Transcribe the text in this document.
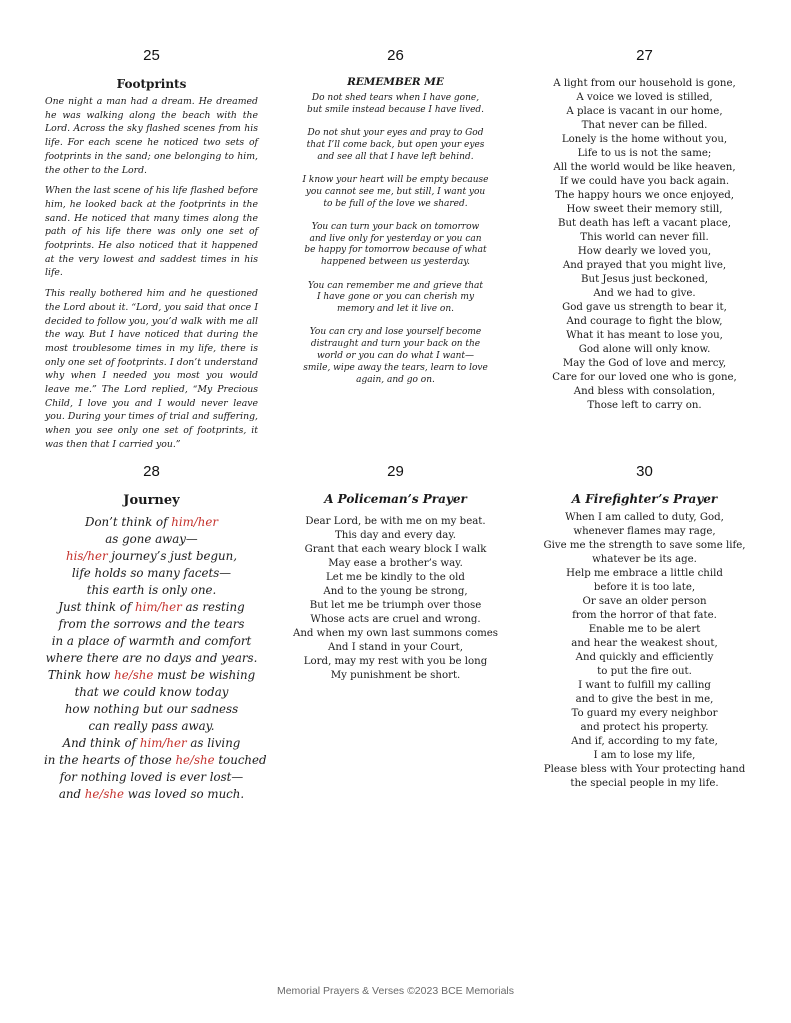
25
Footprints

One night a man had a dream. He dreamed he was walking along the beach with the Lord. Across the sky flashed scenes from his life. For each scene he noticed two sets of footprints in the sand; one belonging to him, the other to the Lord.

When the last scene of his life flashed before him, he looked back at the footprints in the sand. He noticed that many times along the path of his life there was only one set of footprints. He also noticed that it happened at the very lowest and saddest times in his life.

This really bothered him and he questioned the Lord about it. “Lord, you said that once I decided to follow you, you’d walk with me all the way. But I have noticed that during the most troublesome times in my life, there is only one set of footprints. I don’t understand why when I needed you most you would leave me.” The Lord replied, “My Precious Child, I love you and I would never leave you. During your times of trial and suffering, when you see only one set of footprints, it was then that I carried you.”

26
REMEMBER ME

Do not shed tears when I have gone,
but smile instead because I have lived.

Do not shut your eyes and pray to God
that I’ll come back, but open your eyes
and see all that I have left behind.

I know your heart will be empty because
you cannot see me, but still, I want you
to be full of the love we shared.

You can turn your back on tomorrow
and live only for yesterday or you can
be happy for tomorrow because of what
happened between us yesterday.

You can remember me and grieve that
I have gone or you can cherish my
memory and let it live on.

You can cry and lose yourself become
distraught and turn your back on the
world or you can do what I want—
smile, wipe away the tears, learn to love
again, and go on.

27
A light from our household is gone,
A voice we loved is stilled,
A place is vacant in our home,
That never can be filled.
Lonely is the home without you,
Life to us is not the same;
All the world would be like heaven,
If we could have you back again.
The happy hours we once enjoyed,
How sweet their memory still,
But death has left a vacant place,
This world can never fill.
How dearly we loved you,
And prayed that you might live,
But Jesus just beckoned,
And we had to give.
God gave us strength to bear it,
And courage to fight the blow,
What it has meant to lose you,
God alone will only know.
May the God of love and mercy,
Care for our loved one who is gone,
And bless with consolation,
Those left to carry on.
28
Journey
Don’t think of him/her
as gone away—
his/her journey’s just begun,
life holds so many facets—
this earth is only one.
Just think of him/her as resting
from the sorrows and the tears
in a place of warmth and comfort
where there are no days and years.
Think how he/she must be wishing
that we could know today
how nothing but our sadness
can really pass away.
And think of him/her as living
in the hearts of those he/she touched
for nothing loved is ever lost—
and he/she was loved so much.
29
A Policeman’s Prayer
Dear Lord, be with me on my beat.
This day and every day.
Grant that each weary block I walk
May ease a brother’s way.
Let me be kindly to the old
And to the young be strong,
But let me be triumph over those
Whose acts are cruel and wrong.
And when my own last summons comes
And I stand in your Court,
Lord, may my rest with you be long
My punishment be short.
30
A Firefighter’s Prayer
When I am called to duty, God,
whenever flames may rage,
Give me the strength to save some life,
whatever be its age.
Help me embrace a little child
before it is too late,
Or save an older person
from the horror of that fate.
Enable me to be alert
and hear the weakest shout,
And quickly and efficiently
to put the fire out.
I want to fulfill my calling
and to give the best in me,
To guard my every neighbor
and protect his property.
And if, according to my fate,
I am to lose my life,
Please bless with Your protecting hand
the special people in my life.
Memorial Prayers & Verses ©2023 BCE Memorials
